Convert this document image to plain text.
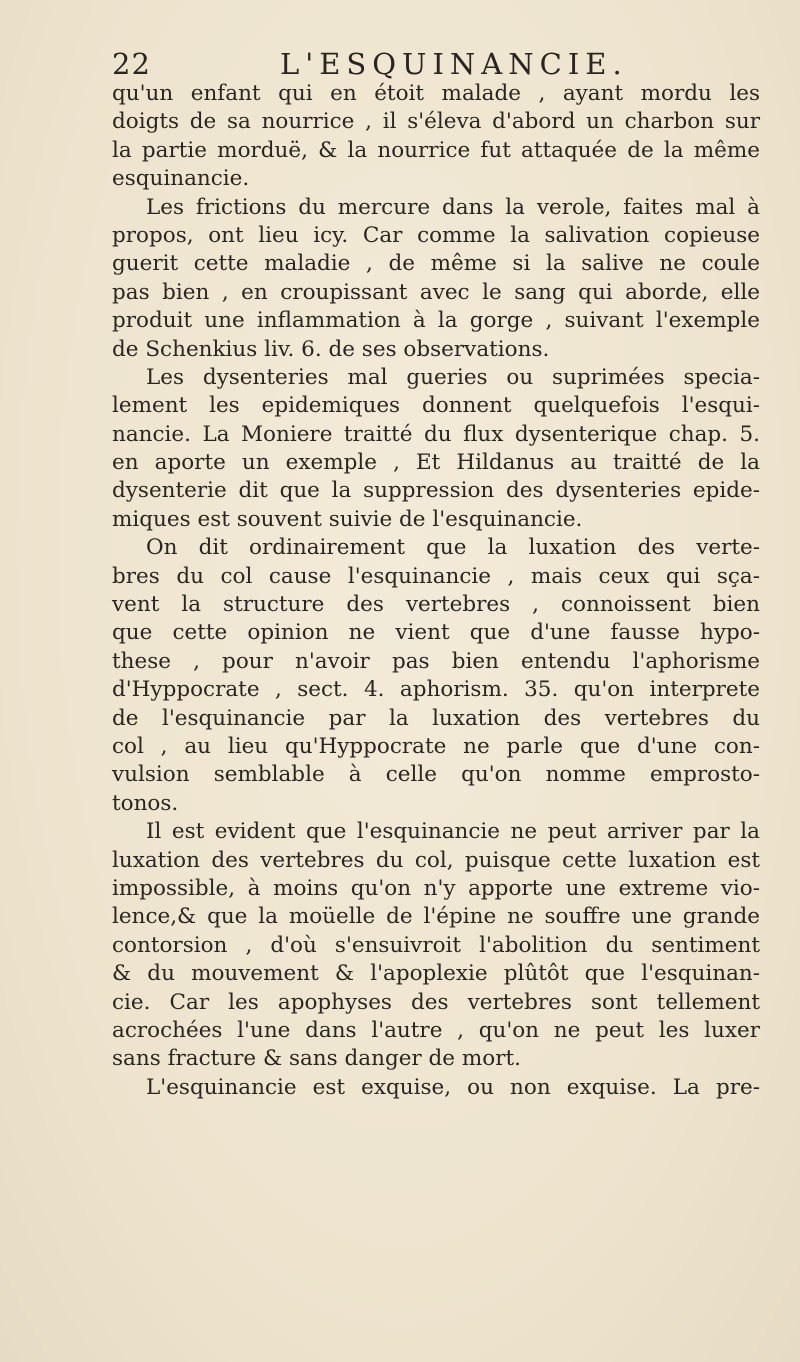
22	L'ESQUINANCIE.
qu'un enfant qui en étoit malade , ayant mordu les
doigts de sa nourrice , il s'éleva d'abord un charbon sur
la partie morduë, & la nourrice fut attaquée de la même
esquinancie.
Les frictions du mercure dans la verole, faites mal à
propos, ont lieu icy. Car comme la salivation copieuse
guerit cette maladie , de même si la salive ne coule
pas bien , en croupissant avec le sang qui aborde, elle
produit une inflammation à la gorge , suivant l'exemple
de Schenkius liv. 6. de ses observations.
Les dysenteries mal gueries ou suprimées specia-
lement les epidemiques donnent quelquefois l'esqui-
nancie. La Moniere traitté du flux dysenterique chap. 5.
en aporte un exemple , Et Hildanus au traitté de la
dysenterie dit que la suppression des dysenteries epide-
miques est souvent suivie de l'esquinancie.
On dit ordinairement que la luxation des verte-
bres du col cause l'esquinancie , mais ceux qui sça-
vent la structure des vertebres , connoissent bien
que cette opinion ne vient que d'une fausse hypo-
these , pour n'avoir pas bien entendu l'aphorisme
d'Hyppocrate , sect. 4. aphorism. 35. qu'on interprete
de l'esquinancie par la luxation des vertebres du
col , au lieu qu'Hyppocrate ne parle que d'une con-
vulsion semblable à celle qu'on nomme emprosto-
tonos.
Il est evident que l'esquinancie ne peut arriver par la
luxation des vertebres du col, puisque cette luxation est
impossible, à moins qu'on n'y apporte une extreme vio-
lence,& que la moüelle de l'épine ne souffre une grande
contorsion , d'où s'ensuivroit l'abolition du sentiment
& du mouvement & l'apoplexie plûtôt que l'esquinan-
cie. Car les apophyses des vertebres sont tellement
acrochées l'une dans l'autre , qu'on ne peut les luxer
sans fracture & sans danger de mort.
L'esquinancie est exquise, ou non exquise. La pre-
